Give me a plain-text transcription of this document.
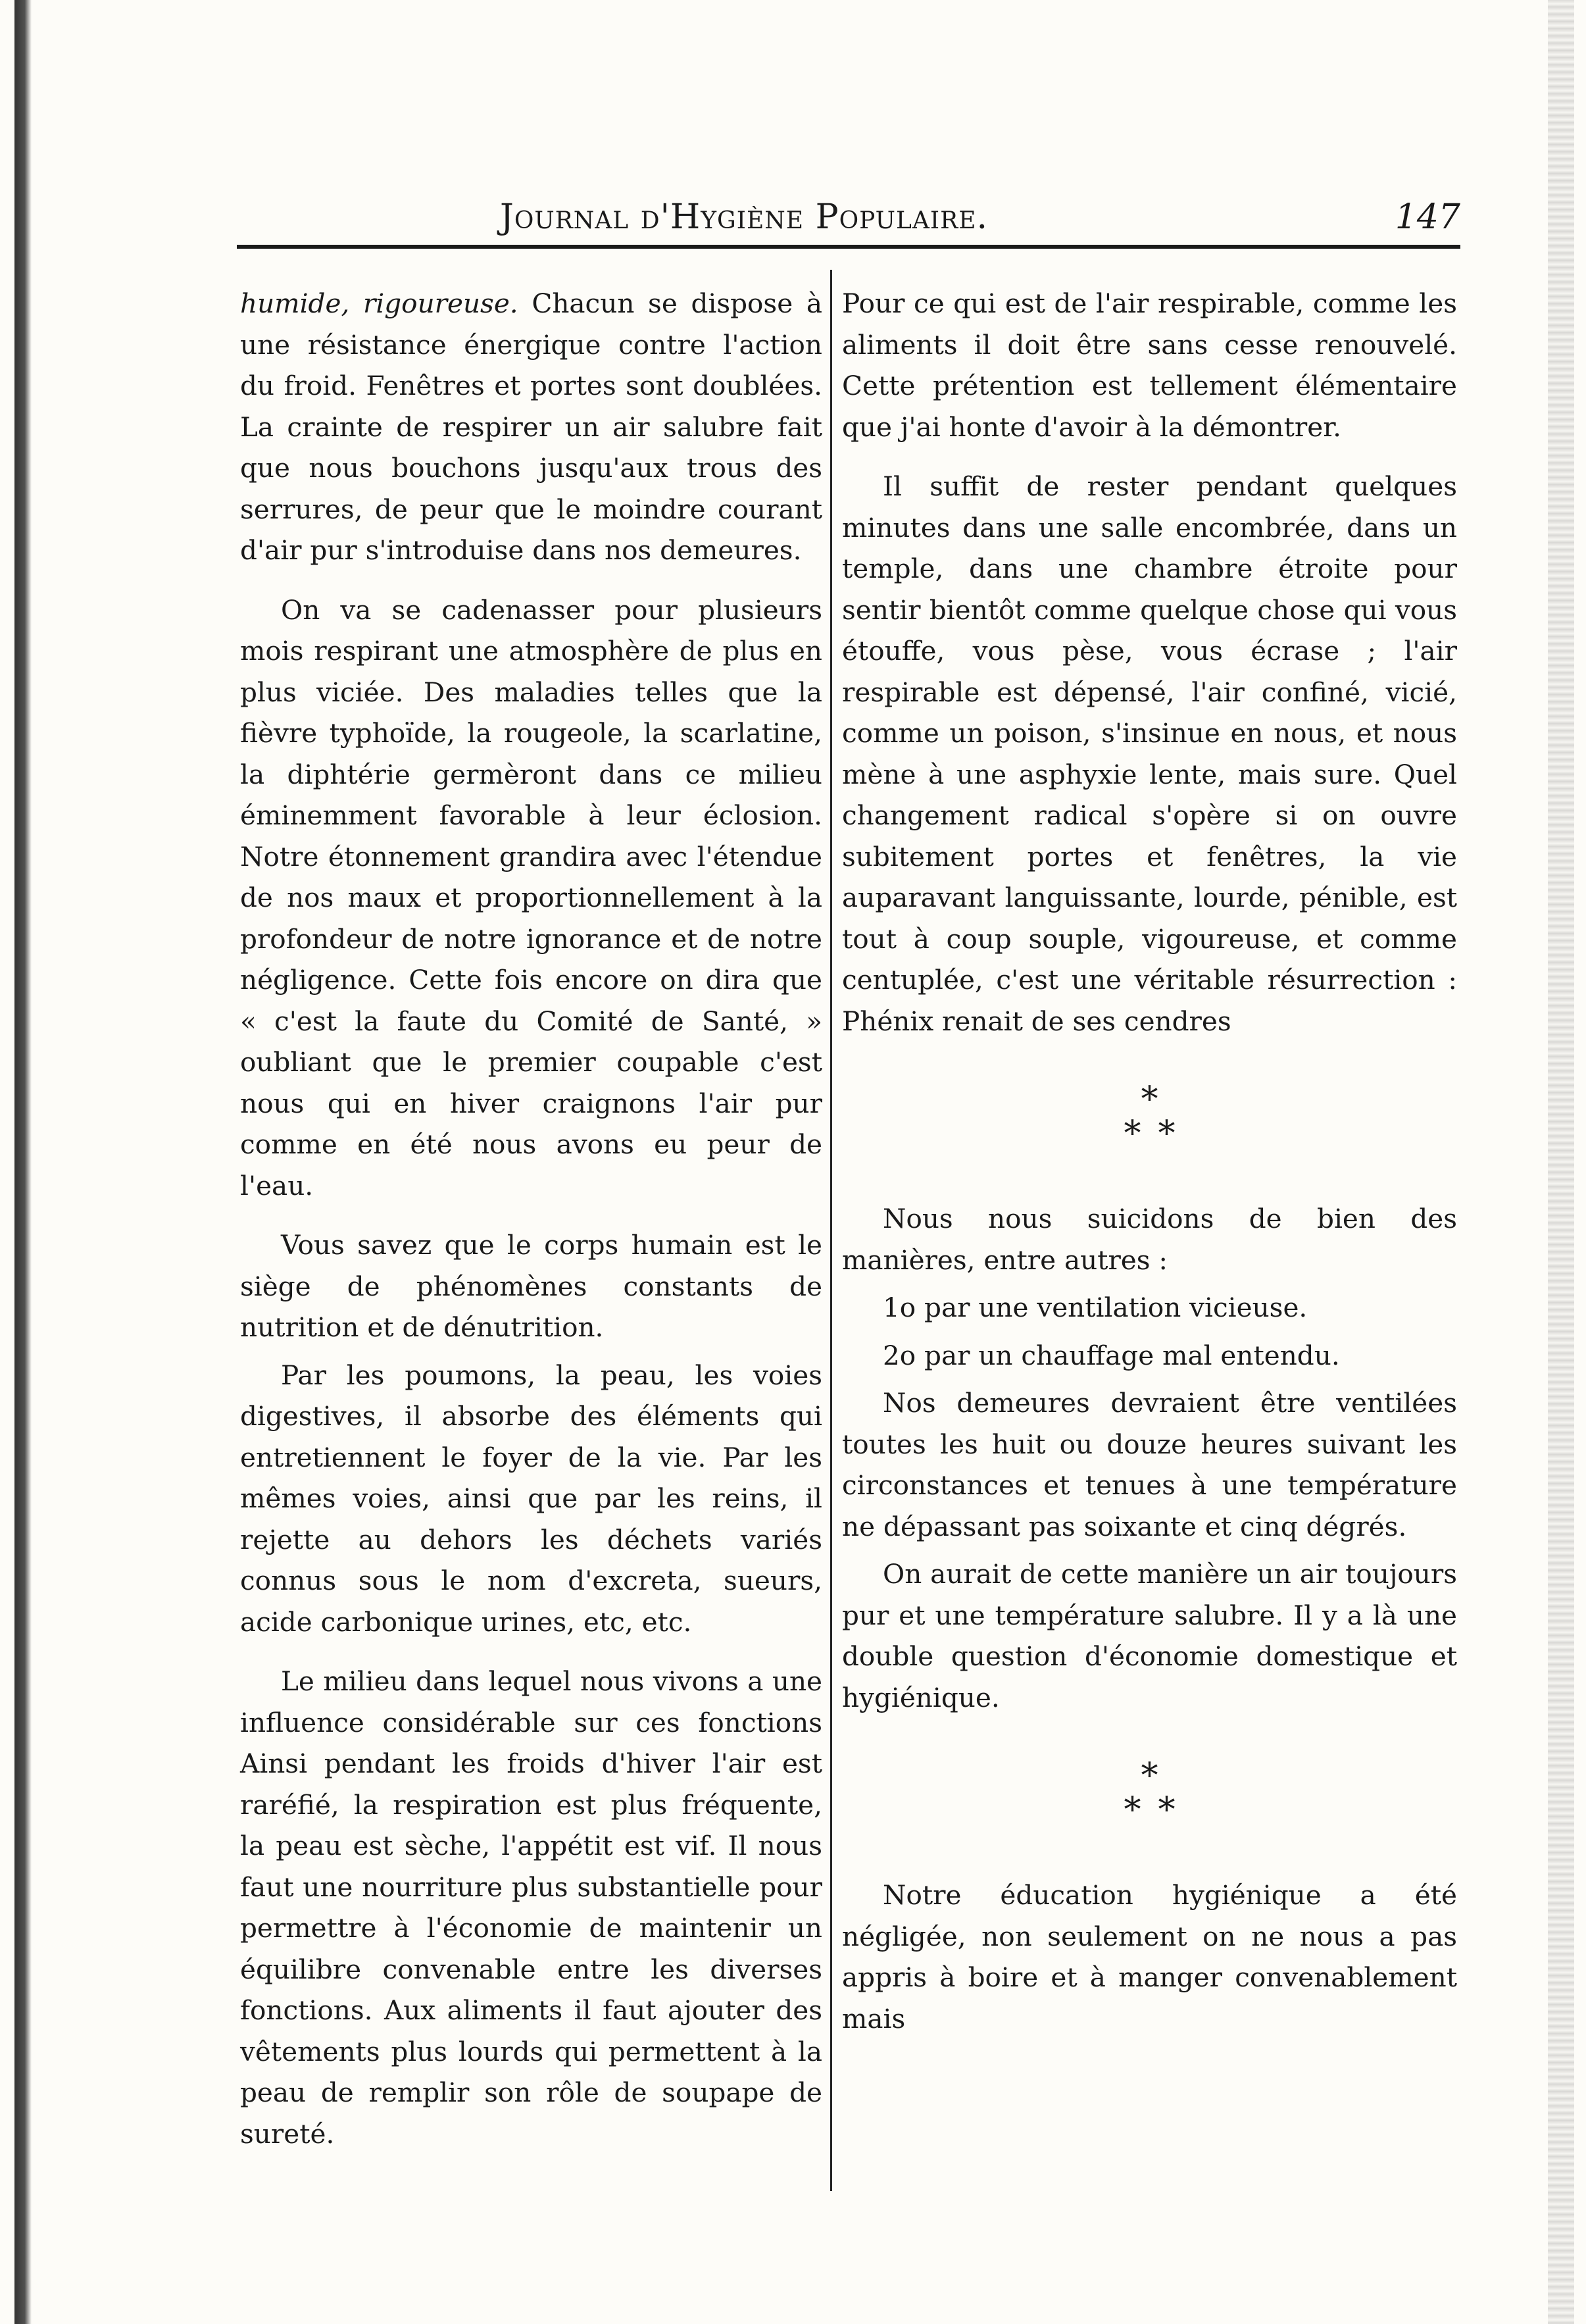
Journal d'Hygiène Populaire.	147

humide, rigoureuse. Chacun se dispose à une résistance énergique contre l'action du froid. Fenêtres et portes sont doublées. La crainte de respirer un air salubre fait que nous bouchons jusqu'aux trous des serrures, de peur que le moindre courant d'air pur s'introduise dans nos demeures.

On va se cadenasser pour plusieurs mois respirant une atmosphère de plus en plus viciée. Des maladies telles que la fièvre typhoïde, la rougeole, la scarlatine, la diphtérie germèront dans ce milieu éminemment favorable à leur éclosion. Notre étonnement grandira avec l'étendue de nos maux et proportionnellement à la profondeur de notre ignorance et de notre négligence. Cette fois encore on dira que « c'est la faute du Comité de Santé, » oubliant que le premier coupable c'est nous qui en hiver craignons l'air pur comme en été nous avons eu peur de l'eau.

Vous savez que le corps humain est le siège de phénomènes constants de nutrition et de dénutrition.

Par les poumons, la peau, les voies digestives, il absorbe des éléments qui entretiennent le foyer de la vie. Par les mêmes voies, ainsi que par les reins, il rejette au dehors les déchets variés connus sous le nom d'excreta, sueurs, acide carbonique urines, etc, etc.

Le milieu dans lequel nous vivons a une influence considérable sur ces fonctions Ainsi pendant les froids d'hiver l'air est raréfié, la respiration est plus fréquente, la peau est sèche, l'appétit est vif. Il nous faut une nourriture plus substantielle pour permettre à l'économie de maintenir un équilibre convenable entre les diverses fonctions. Aux aliments il faut ajouter des vêtements plus lourds qui permettent à la peau de remplir son rôle de soupape de sureté.

Pour ce qui est de l'air respirable, comme les aliments il doit être sans cesse renouvelé. Cette prétention est tellement élémentaire que j'ai honte d'avoir à la démontrer.

Il suffit de rester pendant quelques minutes dans une salle encombrée, dans un temple, dans une chambre étroite pour sentir bientôt comme quelque chose qui vous étouffe, vous pèse, vous écrase ; l'air respirable est dépensé, l'air confiné, vicié, comme un poison, s'insinue en nous, et nous mène à une asphyxie lente, mais sure. Quel changement radical s'opère si on ouvre subitement portes et fenêtres, la vie auparavant languissante, lourde, pénible, est tout à coup souple, vigoureuse, et comme centuplée, c'est une véritable résurrection : Phénix renait de ses cendres

*
**

Nous nous suicidons de bien des manières, entre autres :

1o par une ventilation vicieuse.

2o par un chauffage mal entendu.

Nos demeures devraient être ventilées toutes les huit ou douze heures suivant les circonstances et tenues à une température ne dépassant pas soixante et cinq dégrés.

On aurait de cette manière un air toujours pur et une température salubre. Il y a là une double question d'économie domestique et hygiénique.

*
**

Notre éducation hygiénique a été négligée, non seulement on ne nous a pas appris à boire et à manger convenablement mais
